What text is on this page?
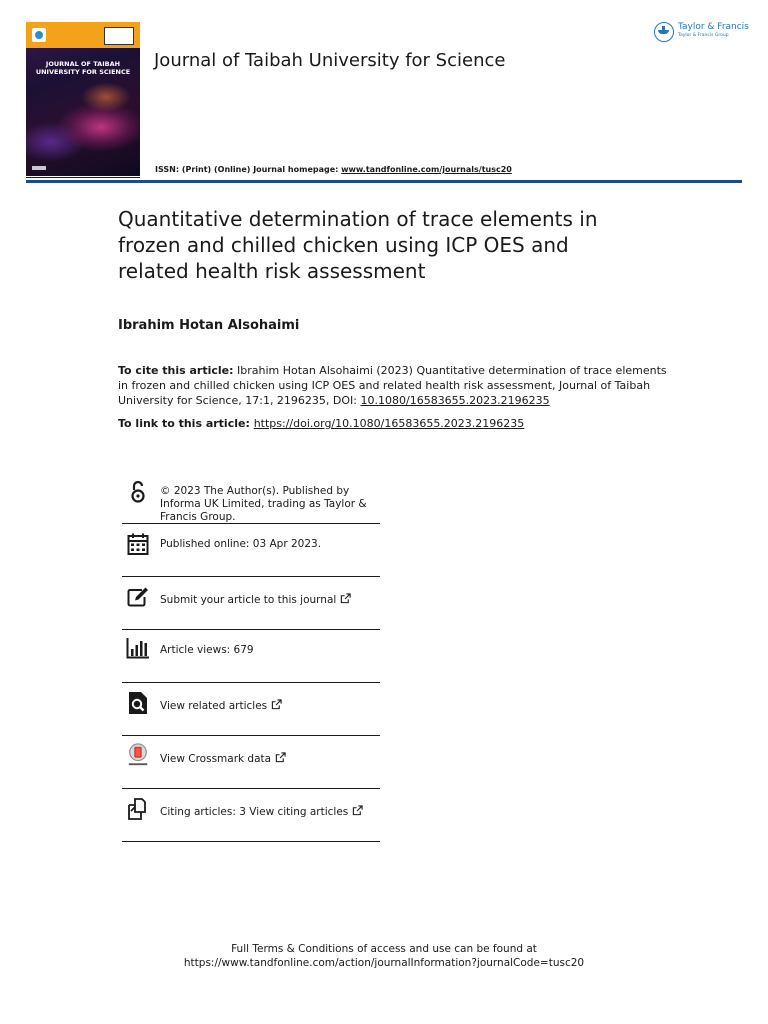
JOURNAL OF TAIBAH
UNIVERSITY FOR SCIENCE
Journal of Taibah University for Science
Taylor & Francis
Taylor & Francis Group
ISSN: (Print) (Online) Journal homepage: www.tandfonline.com/journals/tusc20
Quantitative determination of trace elements in frozen and chilled chicken using ICP OES and related health risk assessment
Ibrahim Hotan Alsohaimi
To cite this article: Ibrahim Hotan Alsohaimi (2023) Quantitative determination of trace elements in frozen and chilled chicken using ICP OES and related health risk assessment, Journal of Taibah University for Science, 17:1, 2196235, DOI: 10.1080/16583655.2023.2196235
To link to this article: https://doi.org/10.1080/16583655.2023.2196235
© 2023 The Author(s). Published by Informa UK Limited, trading as Taylor & Francis Group.
Published online: 03 Apr 2023.
Submit your article to this journal
Article views: 679
View related articles
View Crossmark data
Citing articles: 3 View citing articles
Full Terms & Conditions of access and use can be found at
https://www.tandfonline.com/action/journalInformation?journalCode=tusc20
